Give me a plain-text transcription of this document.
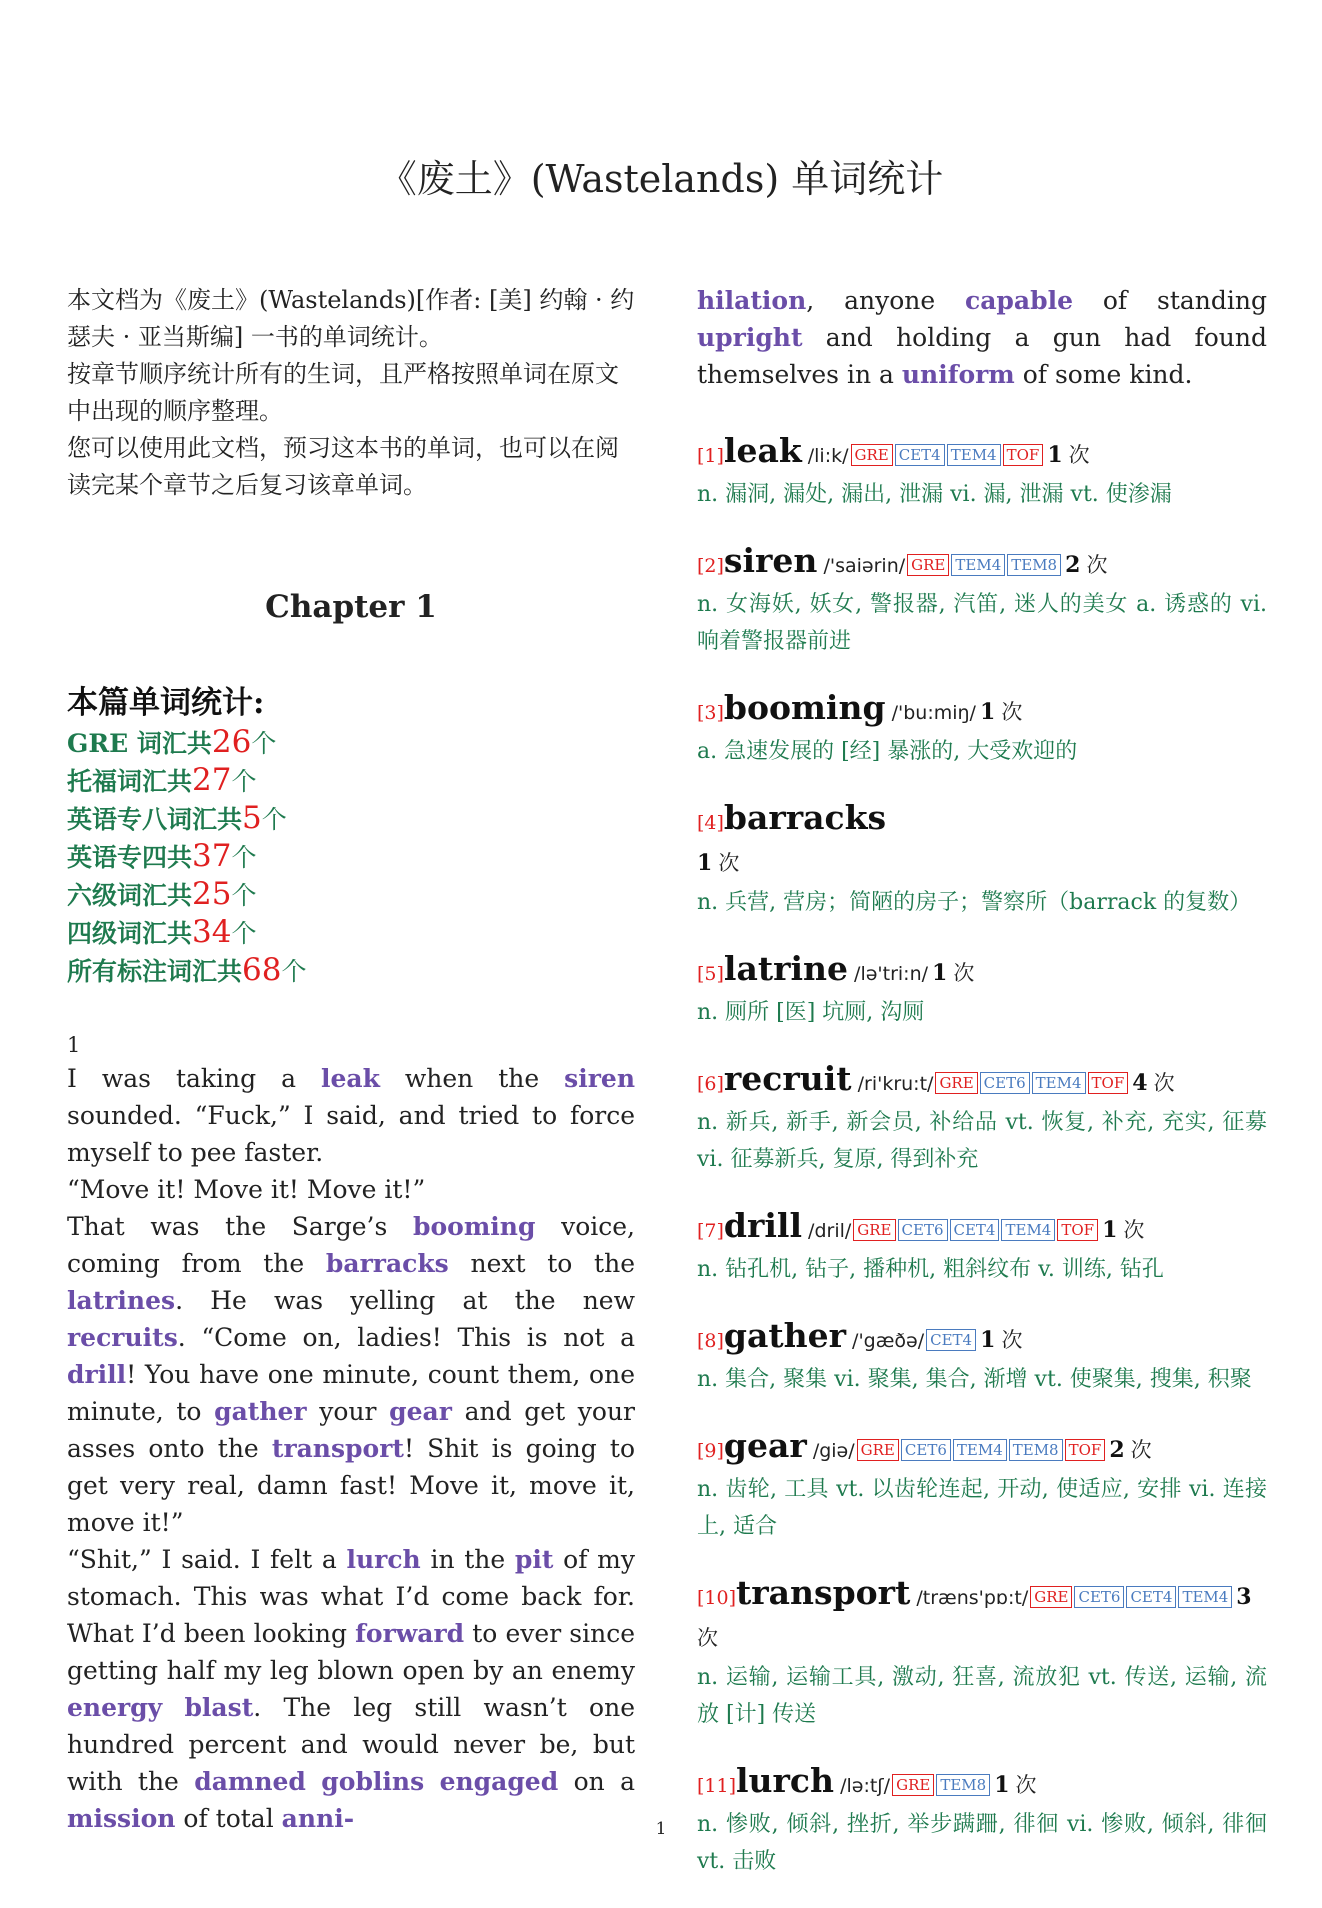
《废土》(Wastelands) 单词统计

本文档为《废土》(Wastelands)[作者: [美] 约翰 · 约瑟夫 · 亚当斯编] 一书的单词统计。

按章节顺序统计所有的生词，且严格按照单词在原文中出现的顺序整理。

您可以使用此文档，预习这本书的单词，也可以在阅读完某个章节之后复习该章单词。

Chapter 1
本篇单词统计:
GRE 词汇共26个
托福词汇共27个
英语专八词汇共5个
英语专四共37个
六级词汇共25个
四级词汇共34个
所有标注词汇共68个
1

I was taking a leak when the siren sounded. “Fuck,” I said, and tried to force myself to pee faster.

“Move it! Move it! Move it!”

That was the Sarge’s booming voice, coming from the barracks next to the latrines. He was yelling at the new recruits. “Come on, ladies! This is not a drill! You have one minute, count them, one minute, to gather your gear and get your asses onto the transport! Shit is going to get very real, damn fast! Move it, move it, move it!”

“Shit,” I said. I felt a lurch in the pit of my stomach. This was what I’d come back for. What I’d been looking forward to ever since getting half my leg blown open by an enemy energy blast. The leg still wasn’t one hundred percent and would never be, but with the damned goblins engaged on a mission of total anni-

hilation, anyone capable of standing upright and holding a gun had found themselves in a uniform of some kind.

[1]leak /li:k/ GRE CET4 TEM4 TOF 1 次
n. 漏洞, 漏处, 漏出, 泄漏 vi. 漏, 泄漏 vt. 使渗漏
[2]siren /'saiərin/ GRE TEM4 TEM8 2 次
n. 女海妖, 妖女, 警报器, 汽笛, 迷人的美女 a. 诱惑的 vi. 响着警报器前进
[3]booming /'bu:miŋ/ 1 次
a. 急速发展的 [经] 暴涨的, 大受欢迎的
[4]barracks
1 次
n. 兵营, 营房；简陋的房子；警察所（barrack 的复数）
[5]latrine /lə'tri:n/ 1 次
n. 厕所 [医] 坑厕, 沟厕
[6]recruit /ri'kru:t/ GRE CET6 TEM4 TOF 4 次
n. 新兵, 新手, 新会员, 补给品 vt. 恢复, 补充, 充实, 征募 vi. 征募新兵, 复原, 得到补充
[7]drill /dril/ GRE CET6 CET4 TEM4 TOF 1 次
n. 钻孔机, 钻子, 播种机, 粗斜纹布 v. 训练, 钻孔
[8]gather /'gæðə/ CET4 1 次
n. 集合, 聚集 vi. 聚集, 集合, 渐增 vt. 使聚集, 搜集, 积聚
[9]gear /giə/ GRE CET6 TEM4 TEM8 TOF 2 次
n. 齿轮, 工具 vt. 以齿轮连起, 开动, 使适应, 安排 vi. 连接上, 适合
[10]transport /træns'pɒ:t/ GRE CET6 CET4 TEM4 3 次
n. 运输, 运输工具, 激动, 狂喜, 流放犯 vt. 传送, 运输, 流放 [计] 传送
[11]lurch /lə:tʃ/ GRE TEM8 1 次
n. 惨败, 倾斜, 挫折, 举步蹒跚, 徘徊 vi. 惨败, 倾斜, 徘徊 vt. 击败
1
